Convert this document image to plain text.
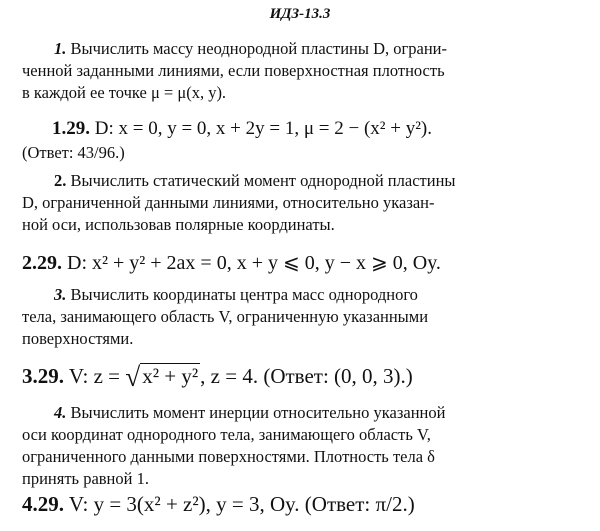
ИДЗ-13.3
1. Вычислить массу неоднородной пластины D, ограни-
ченной заданными линиями, если поверхностная плотность
в каждой ее точке μ = μ(x, y).
1.29. D: x = 0, y = 0, x + 2y = 1, μ = 2 − (x² + y²).
(Ответ: 43/96.)
2. Вычислить статический момент однородной пластины
D, ограниченной данными линиями, относительно указан-
ной оси, использовав полярные координаты.
2.29. D: x² + y² + 2ax = 0, x + y ⩽ 0, y − x ⩾ 0, Oy.
3. Вычислить координаты центра масс однородного
тела, занимающего область V, ограниченную указанными
поверхностями.
3.29. V: z = √x² + y², z = 4. (Ответ: (0, 0, 3).)
4. Вычислить момент инерции относительно указанной
оси координат однородного тела, занимающего область V,
ограниченного данными поверхностями. Плотность тела δ
принять равной 1.
4.29. V: y = 3(x² + z²), y = 3, Oy. (Ответ: π/2.)
